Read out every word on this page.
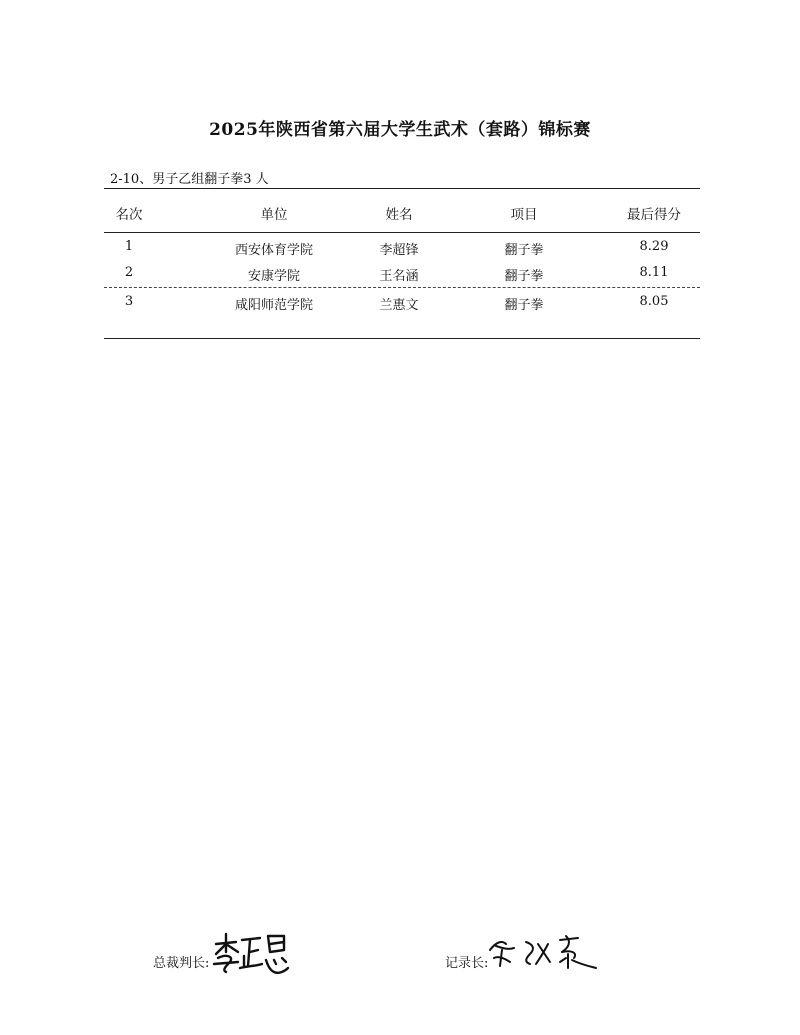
2025年陕西省第六届大学生武术（套路）锦标赛
2-10、男子乙组翻子拳3 人
名次	单位	姓名	项目	最后得分
1	西安体育学院	李超锋	翻子拳	8.29
2	安康学院	王名涵	翻子拳	8.11
3	咸阳师范学院	兰惠文	翻子拳	8.05
总裁判长:	记录长:
